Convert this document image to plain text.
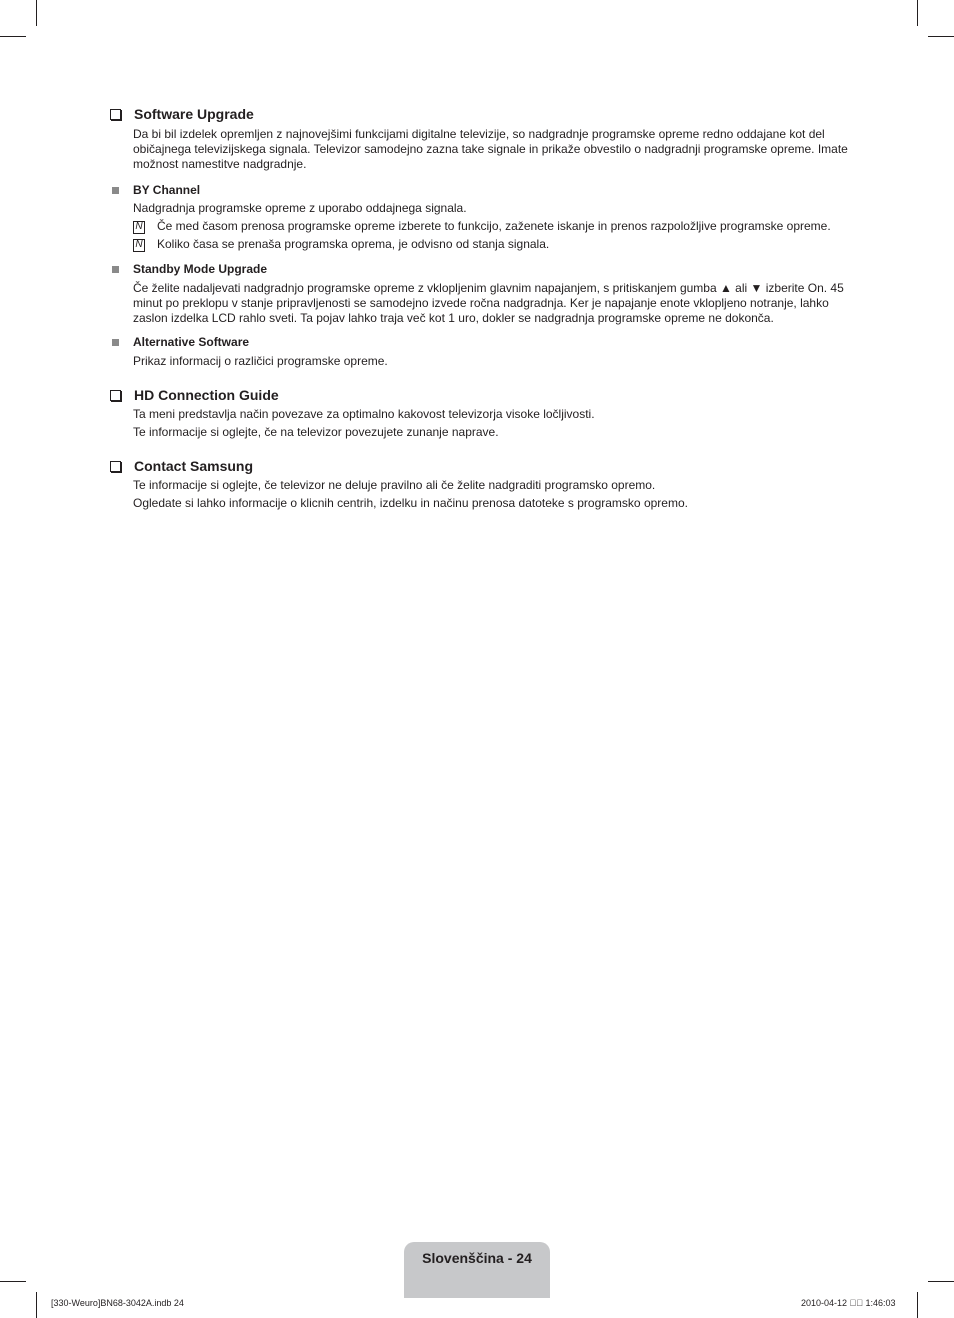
Software Upgrade
Da bi bil izdelek opremljen z najnovejšimi funkcijami digitalne televizije, so nadgradnje programske opreme redno oddajane kot del običajnega televizijskega signala. Televizor samodejno zazna take signale in prikaže obvestilo o nadgradnji programske opreme. Imate možnost namestitve nadgradnje.
BY Channel
Nadgradnja programske opreme z uporabo oddajnega signala.
N Če med časom prenosa programske opreme izberete to funkcijo, zaženete iskanje in prenos razpoložljive programske opreme.
N Koliko časa se prenaša programska oprema, je odvisno od stanja signala.
Standby Mode Upgrade
Če želite nadaljevati nadgradnjo programske opreme z vklopljenim glavnim napajanjem, s pritiskanjem gumba ▲ ali ▼ izberite On. 45 minut po preklopu v stanje pripravljenosti se samodejno izvede ročna nadgradnja. Ker je napajanje enote vklopljeno notranje, lahko zaslon izdelka LCD rahlo sveti. Ta pojav lahko traja več kot 1 uro, dokler se nadgradnja programske opreme ne dokonča.
Alternative Software
Prikaz informacij o različici programske opreme.
HD Connection Guide
Ta meni predstavlja način povezave za optimalno kakovost televizorja visoke ločljivosti.
Te informacije si oglejte, če na televizor povezujete zunanje naprave.
Contact Samsung
Te informacije si oglejte, če televizor ne deluje pravilno ali če želite nadgraditi programsko opremo.
Ogledate si lahko informacije o klicnih centrih, izdelku in načinu prenosa datoteke s programsko opremo.
Slovenščina - 24
[330-Weuro]BN68-3042A.indb 24	2010-04-12 ￿￿ 1:46:03
